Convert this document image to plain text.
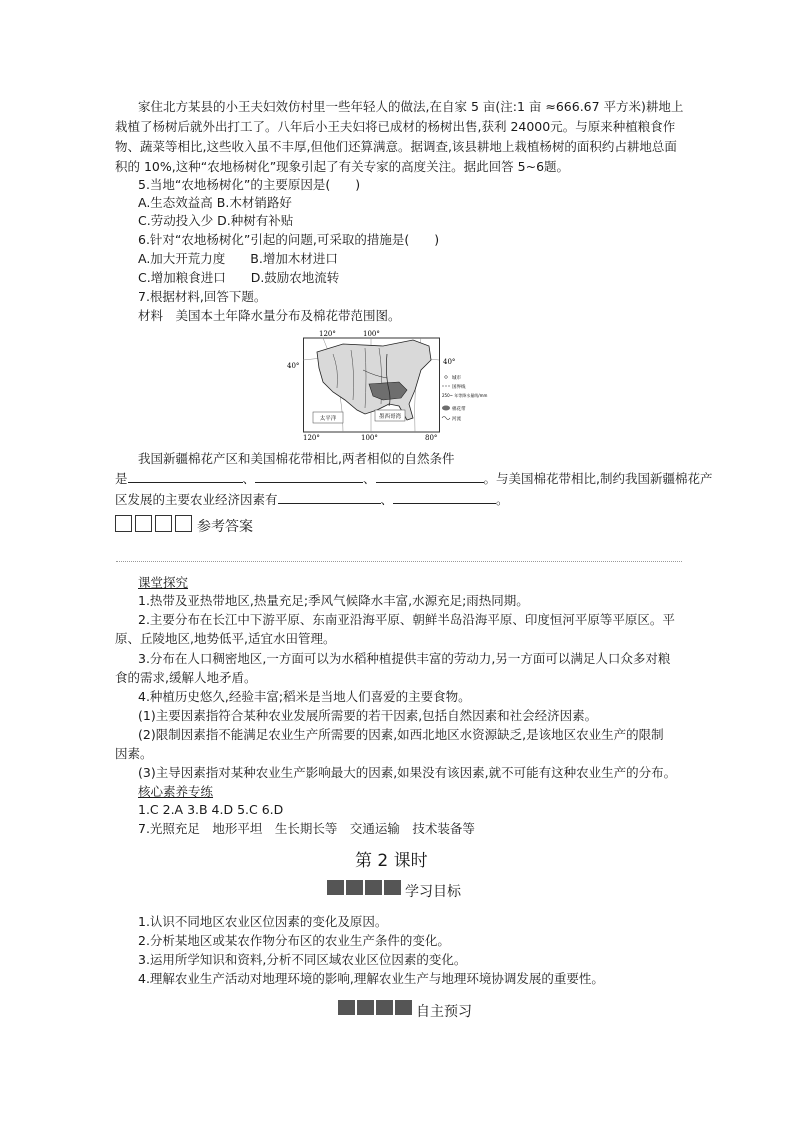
家住北方某县的小王夫妇效仿村里一些年轻人的做法,在自家 5 亩(注:1 亩 ≈666.67 平方米)耕地上
栽植了杨树后就外出打工了。八年后小王夫妇将已成材的杨树出售,获利 24000元。与原来种植粮食作
物、蔬菜等相比,这些收入虽不丰厚,但他们还算满意。据调查,该县耕地上栽植杨树的面积约占耕地总面
积的 10%,这种“农地杨树化”现象引起了有关专家的高度关注。据此回答 5~6题。
5.当地“农地杨树化”的主要原因是(　　)
A.生态效益高 B.木材销路好
C.劳动投入少 D.种树有补贴
6.针对“农地杨树化”引起的问题,可采取的措施是(　　)
A.加大开荒力度　　B.增加木材进口
C.增加粮食进口　　D.鼓励农地流转
7.根据材料,回答下题。
材料　美国本土年降水量分布及棉花带范围图。
墨西哥湾
太平洋
120°	100°
120°	100°	80°
40°	40°
城市
国界线
250~ 年等降水量线/mm
棉花带
河流
我国新疆棉花产区和美国棉花带相比,两者相似的自然条件
是	、	、	。与美国棉花带相比,制约我国新疆棉花产
区发展的主要农业经济因素有	、	。
参考答案
课堂探究
1.热带及亚热带地区,热量充足;季风气候降水丰富,水源充足;雨热同期。
2.主要分布在长江中下游平原、东南亚沿海平原、朝鲜半岛沿海平原、印度恒河平原等平原区。平
原、丘陵地区,地势低平,适宜水田管理。
3.分布在人口稠密地区,一方面可以为水稻种植提供丰富的劳动力,另一方面可以满足人口众多对粮
食的需求,缓解人地矛盾。
4.种植历史悠久,经验丰富;稻米是当地人们喜爱的主要食物。
(1)主要因素指符合某种农业发展所需要的若干因素,包括自然因素和社会经济因素。
(2)限制因素指不能满足农业生产所需要的因素,如西北地区水资源缺乏,是该地区农业生产的限制
因素。
(3)主导因素指对某种农业生产影响最大的因素,如果没有该因素,就不可能有这种农业生产的分布。
核心素养专练
1.C 2.A 3.B 4.D 5.C 6.D
7.光照充足　地形平坦　生长期长等　交通运输　技术装备等
第 2 课时
学习目标
1.认识不同地区农业区位因素的变化及原因。
2.分析某地区或某农作物分布区的农业生产条件的变化。
3.运用所学知识和资料,分析不同区域农业区位因素的变化。
4.理解农业生产活动对地理环境的影响,理解农业生产与地理环境协调发展的重要性。
自主预习
